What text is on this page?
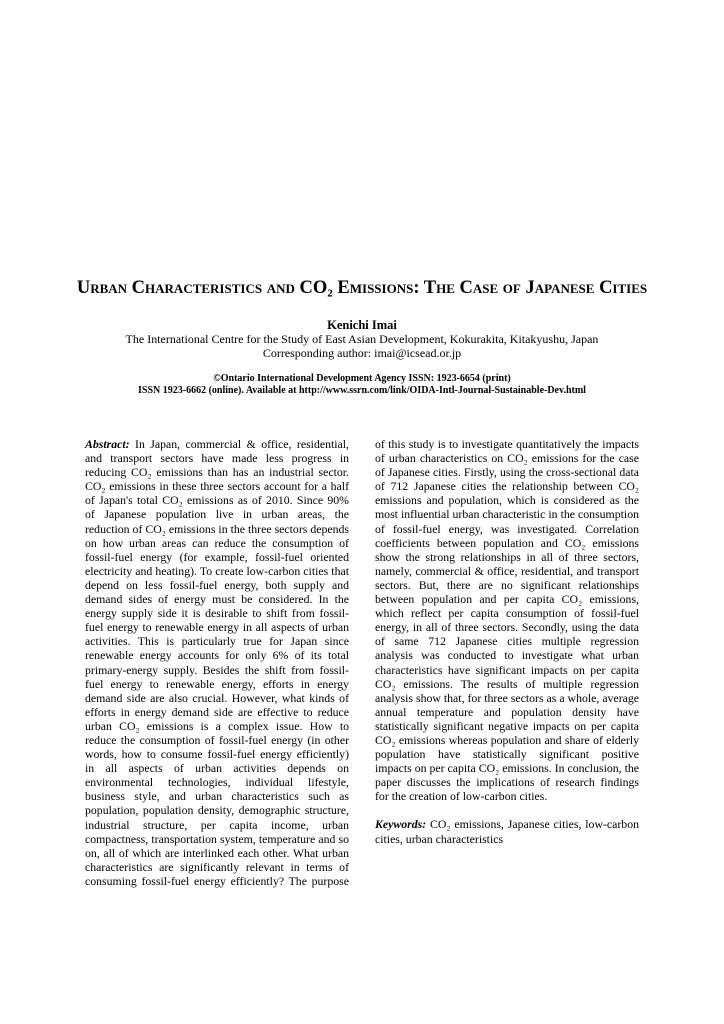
Urban Characteristics and CO₂ Emissions: The Case of Japanese Cities
Kenichi Imai
The International Centre for the Study of East Asian Development, Kokurakita, Kitakyushu, Japan
Corresponding author: imai@icsead.or.jp
©Ontario International Development Agency ISSN: 1923-6654 (print)
ISSN 1923-6662 (online). Available at http://www.ssrn.com/link/OIDA-Intl-Journal-Sustainable-Dev.html

Abstract: In Japan, commercial & office, residential, and transport sectors have made less progress in reducing CO₂ emissions than has an industrial sector. CO₂ emissions in these three sectors account for a half of Japan's total CO₂ emissions as of 2010. Since 90% of Japanese population live in urban areas, the reduction of CO₂ emissions in the three sectors depends on how urban areas can reduce the consumption of fossil-fuel energy (for example, fossil-fuel oriented electricity and heating). To create low-carbon cities that depend on less fossil-fuel energy, both supply and demand sides of energy must be considered. In the energy supply side it is desirable to shift from fossil-fuel energy to renewable energy in all aspects of urban activities. This is particularly true for Japan since renewable energy accounts for only 6% of its total primary-energy supply. Besides the shift from fossil-fuel energy to renewable energy, efforts in energy demand side are also crucial. However, what kinds of efforts in energy demand side are effective to reduce urban CO₂ emissions is a complex issue. How to reduce the consumption of fossil-fuel energy (in other words, how to consume fossil-fuel energy efficiently) in all aspects of urban activities depends on environmental technologies, individual lifestyle, business style, and urban characteristics such as population, population density, demographic structure, industrial structure, per capita income, urban compactness, transportation system, temperature and so on, all of which are interlinked each other. What urban characteristics are significantly relevant in terms of consuming fossil-fuel energy efficiently? The purpose of this study is to investigate quantitatively the impacts of urban characteristics on CO₂ emissions for the case of Japanese cities. Firstly, using the cross-sectional data of 712 Japanese cities the relationship between CO₂ emissions and population, which is considered as the most influential urban characteristic in the consumption of fossil-fuel energy, was investigated. Correlation coefficients between population and CO₂ emissions show the strong relationships in all of three sectors, namely, commercial & office, residential, and transport sectors. But, there are no significant relationships between population and per capita CO₂ emissions, which reflect per capita consumption of fossil-fuel energy, in all of three sectors. Secondly, using the data of same 712 Japanese cities multiple regression analysis was conducted to investigate what urban characteristics have significant impacts on per capita CO₂ emissions. The results of multiple regression analysis show that, for three sectors as a whole, average annual temperature and population density have statistically significant negative impacts on per capita CO₂ emissions whereas population and share of elderly population have statistically significant positive impacts on per capita CO₂ emissions. In conclusion, the paper discusses the implications of research findings for the creation of low-carbon cities.

Keywords: CO₂ emissions, Japanese cities, low-carbon cities, urban characteristics
